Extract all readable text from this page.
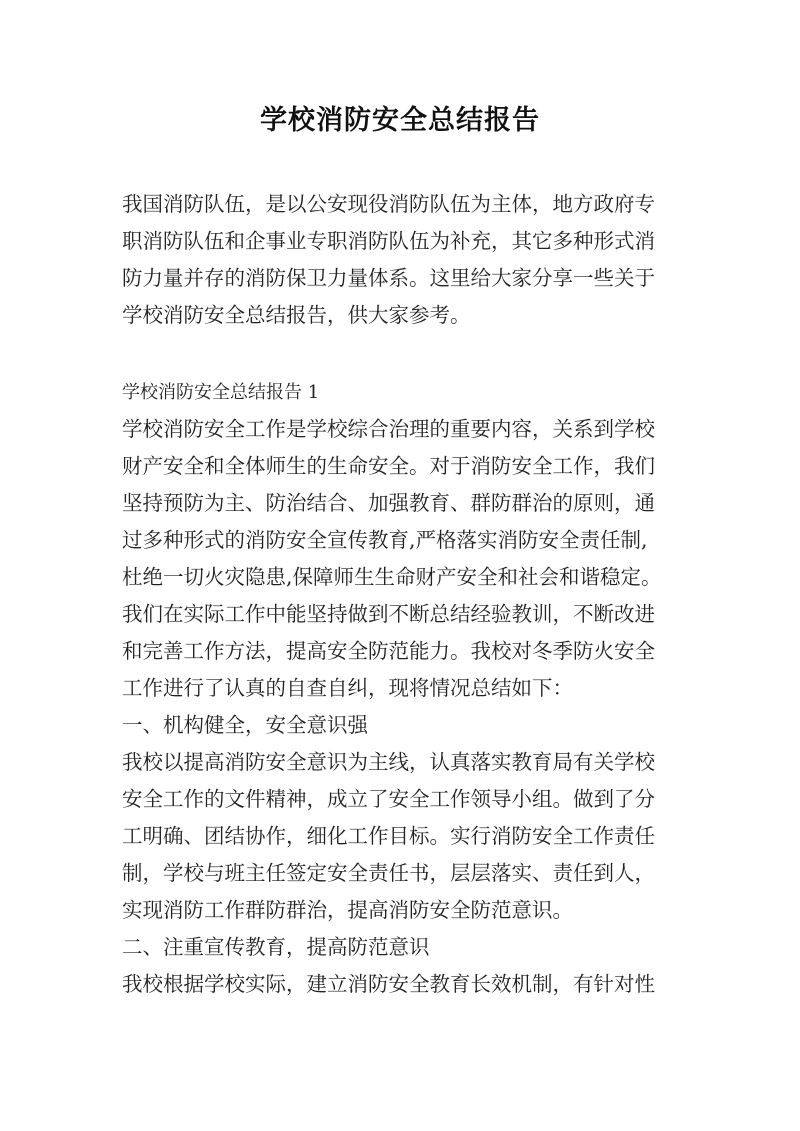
学校消防安全总结报告
我国消防队伍，是以公安现役消防队伍为主体，地方政府专
职消防队伍和企事业专职消防队伍为补充，其它多种形式消
防力量并存的消防保卫力量体系。这里给大家分享一些关于
学校消防安全总结报告，供大家参考。
学校消防安全总结报告 1
学校消防安全工作是学校综合治理的重要内容，关系到学校
财产安全和全体师生的生命安全。对于消防安全工作，我们
坚持预防为主、防治结合、加强教育、群防群治的原则，通
过多种形式的消防安全宣传教育,严格落实消防安全责任制,
杜绝一切火灾隐患,保障师生生命财产安全和社会和谐稳定。
我们在实际工作中能坚持做到不断总结经验教训，不断改进
和完善工作方法，提高安全防范能力。我校对冬季防火安全
工作进行了认真的自查自纠，现将情况总结如下：
一、机构健全，安全意识强
我校以提高消防安全意识为主线，认真落实教育局有关学校
安全工作的文件精神，成立了安全工作领导小组。做到了分
工明确、团结协作，细化工作目标。实行消防安全工作责任
制，学校与班主任签定安全责任书，层层落实、责任到人，
实现消防工作群防群治，提高消防安全防范意识。
二、注重宣传教育，提高防范意识
我校根据学校实际，建立消防安全教育长效机制，有针对性
